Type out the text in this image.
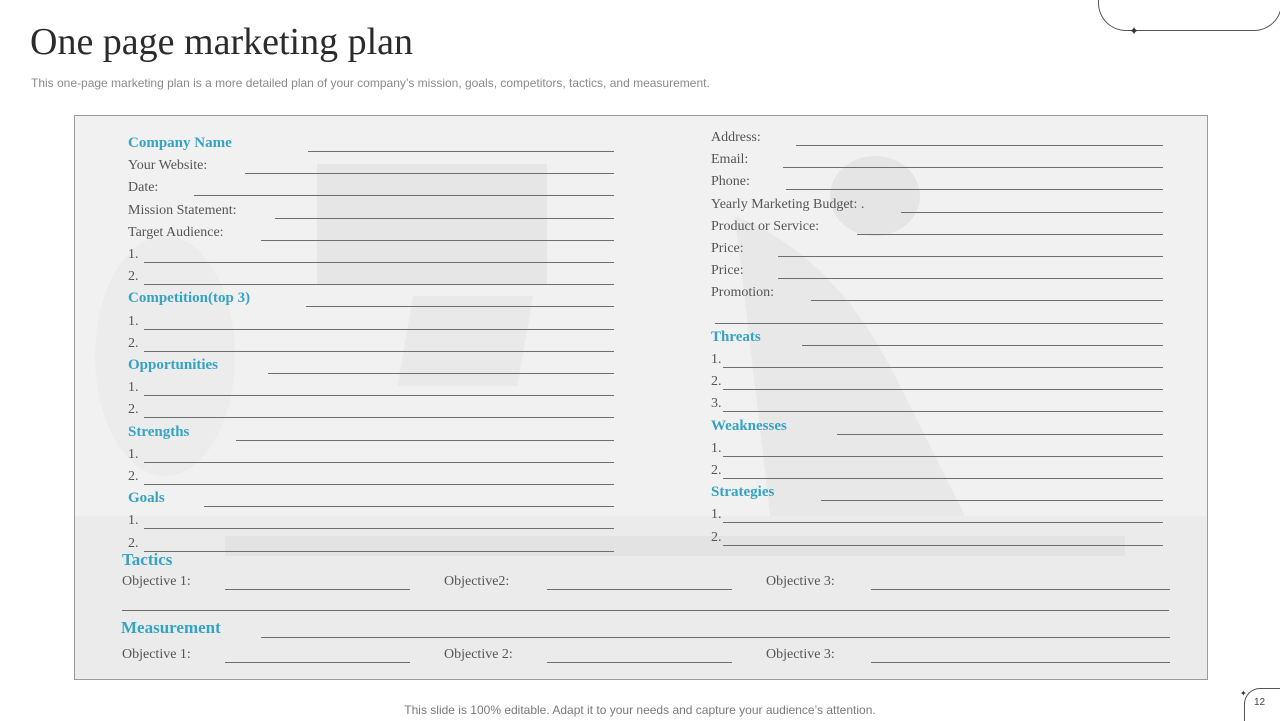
One page marketing plan
This one-page marketing plan is a more detailed plan of your company’s mission, goals, competitors, tactics, and measurement.
✦
Company Name
Your Website:
Date:
Mission Statement:
Target Audience:
1.
2.
Competition(top 3)
1.
2.
Opportunities
1.
2.
Strengths
1.
2.
Goals
1.
2.
Address:
Email:
Phone:
Yearly Marketing Budget: .
Product or Service:
Price:
Price:
Promotion:
Threats
1.
2.
3.
Weaknesses
1.
2.
Strategies
1.
2.
Tactics
Objective 1:	Objective2:	Objective 3:
Measurement
Objective 1:	Objective 2:	Objective 3:
This slide is 100% editable. Adapt it to your needs and capture your audience’s attention.
✦
12
